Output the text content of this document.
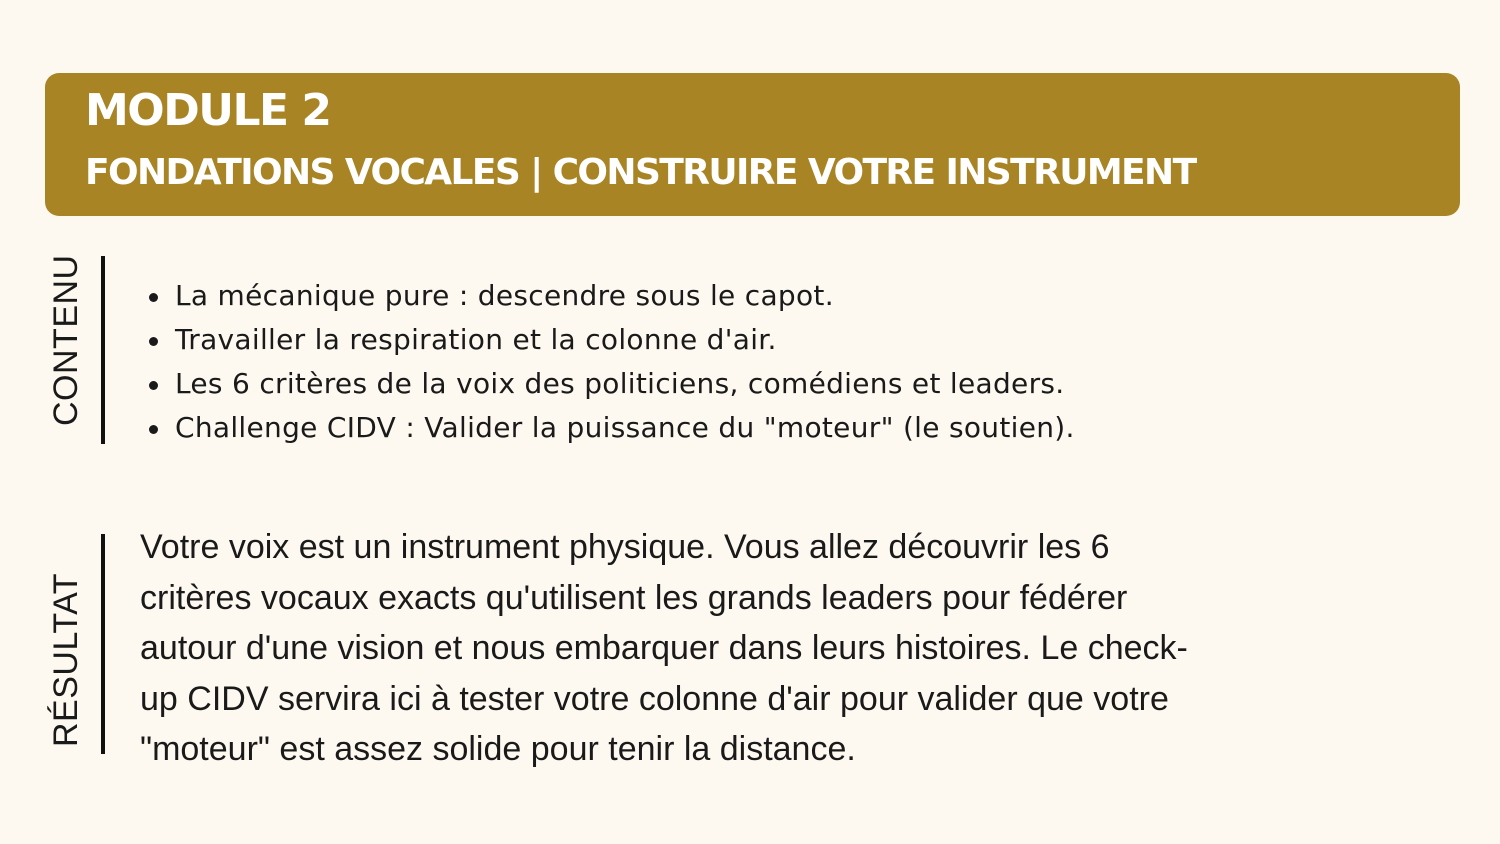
MODULE 2
FONDATIONS VOCALES | CONSTRUIRE VOTRE INSTRUMENT
CONTENU	La mécanique pure : descendre sous le capot.
Travailler la respiration et la colonne d'air.
Les 6 critères de la voix des politiciens, comédiens et leaders.
Challenge CIDV : Valider la puissance du "moteur" (le soutien).
RÉSULTAT

Votre voix est un instrument physique. Vous allez découvrir les 6
critères vocaux exacts qu'utilisent les grands leaders pour fédérer
autour d'une vision et nous embarquer dans leurs histoires. Le check-
up CIDV servira ici à tester votre colonne d'air pour valider que votre
"moteur" est assez solide pour tenir la distance.
